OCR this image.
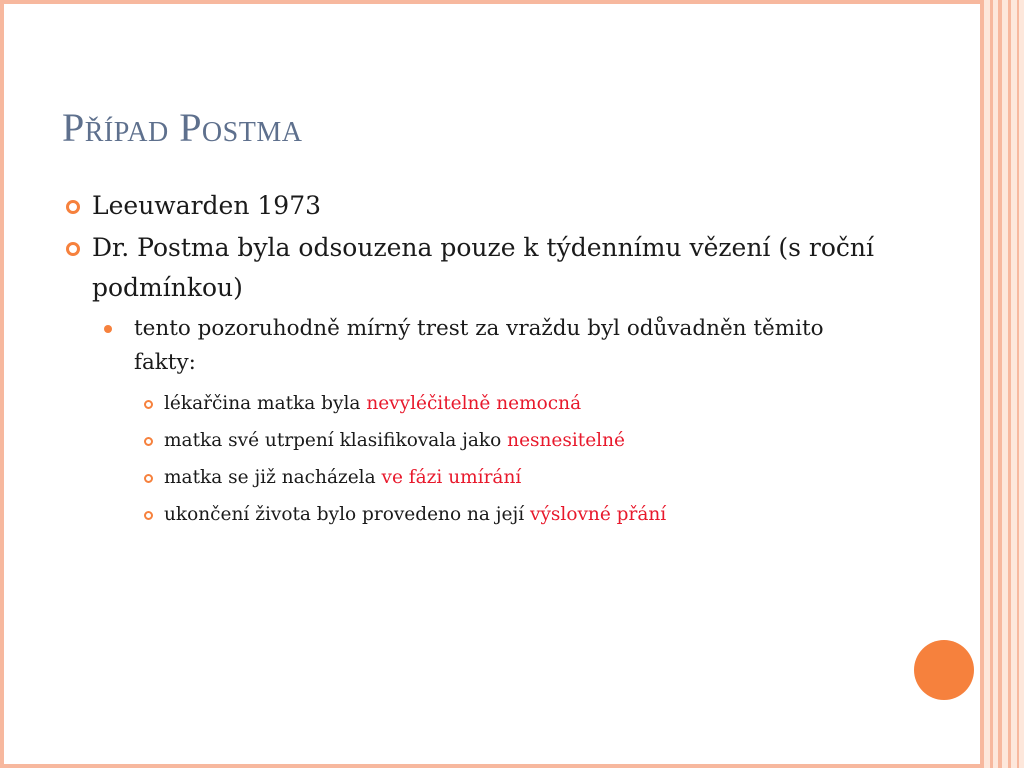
Případ Postma
Leeuwarden 1973
Dr. Postma byla odsouzena pouze k týdennímu vězení (s roční podmínkou)
tento pozoruhodně mírný trest za vraždu byl odůvadněn těmito fakty:
lékařčina matka byla nevyléčitelně nemocná
matka své utrpení klasifikovala jako nesnesitelné
matka se již nacházela ve fázi umírání
ukončení života bylo provedeno na její výslovné přání
